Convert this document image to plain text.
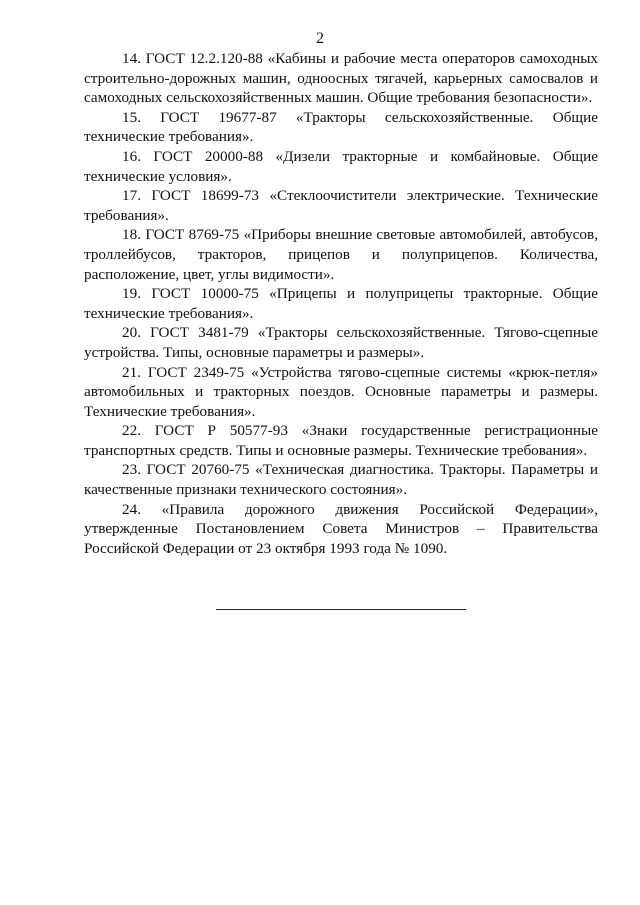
2

14. ГОСТ 12.2.120-88 «Кабины и рабочие места операторов самоходных строительно-дорожных машин, одноосных тягачей, карьерных самосвалов и самоходных сельскохозяйственных машин. Общие требования безопасности».

15. ГОСТ 19677-87 «Тракторы сельскохозяйственные. Общие технические требования».

16. ГОСТ 20000-88 «Дизели тракторные и комбайновые. Общие технические условия».

17. ГОСТ 18699-73 «Стеклоочистители электрические. Технические требования».

18. ГОСТ 8769-75 «Приборы внешние световые автомобилей, автобусов, троллейбусов, тракторов, прицепов и полуприцепов. Количества, расположение, цвет, углы видимости».

19. ГОСТ 10000-75 «Прицепы и полуприцепы тракторные. Общие технические требования».

20. ГОСТ 3481-79 «Тракторы сельскохозяйственные. Тягово-сцепные устройства. Типы, основные параметры и размеры».

21. ГОСТ 2349-75 «Устройства тягово-сцепные системы «крюк-петля» автомобильных и тракторных поездов. Основные параметры и размеры. Технические требования».

22. ГОСТ Р 50577-93 «Знаки государственные регистрационные транспортных средств. Типы и основные размеры. Технические требования».

23. ГОСТ 20760-75 «Техническая диагностика. Тракторы. Параметры и качественные признаки технического состояния».

24. «Правила дорожного движения Российской Федерации», утвержденные Постановлением Совета Министров – Правительства Российской Федерации от 23 октября 1993 года № 1090.
